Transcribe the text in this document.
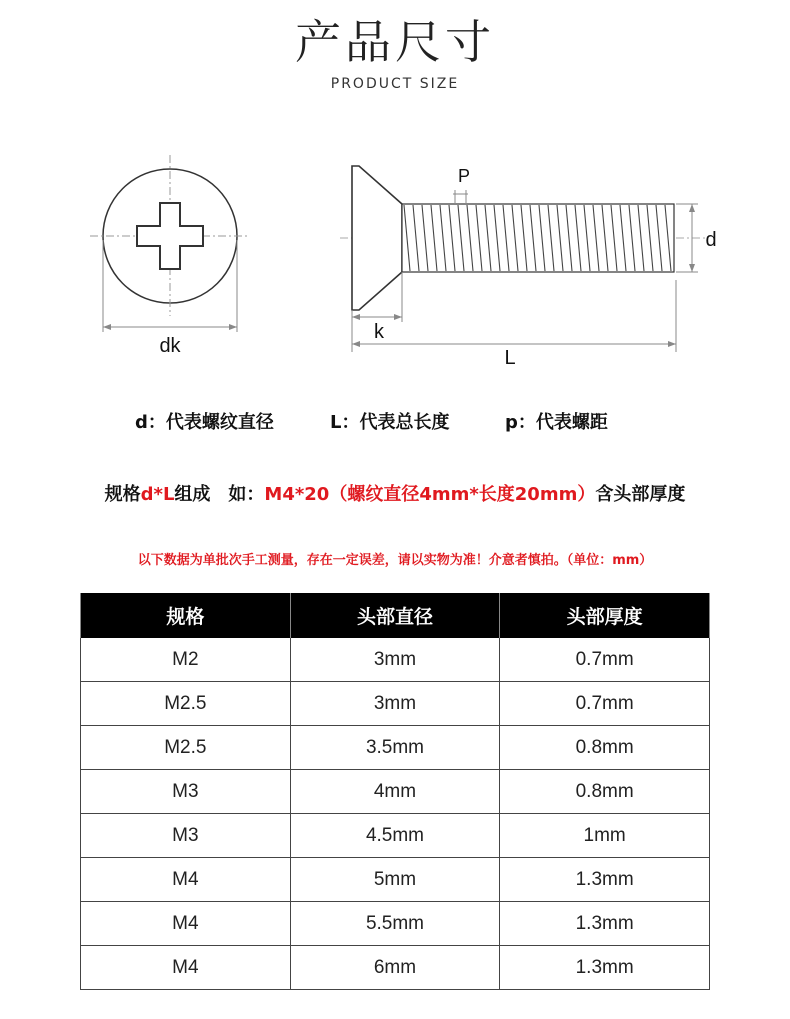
产品尺寸
PRODUCT SIZE
dk
P
d
k
L
d：代表螺纹直径	L：代表总长度	p：代表螺距
规格d*L组成　如：M4*20（螺纹直径4mm*长度20mm）含头部厚度
以下数据为单批次手工测量，存在一定误差，请以实物为准！介意者慎拍。（单位：mm）
规格	头部直径	头部厚度
M2	3mm	0.7mm
M2.5	3mm	0.7mm
M2.5	3.5mm	0.8mm
M3	4mm	0.8mm
M3	4.5mm	1mm
M4	5mm	1.3mm
M4	5.5mm	1.3mm
M4	6mm	1.3mm
